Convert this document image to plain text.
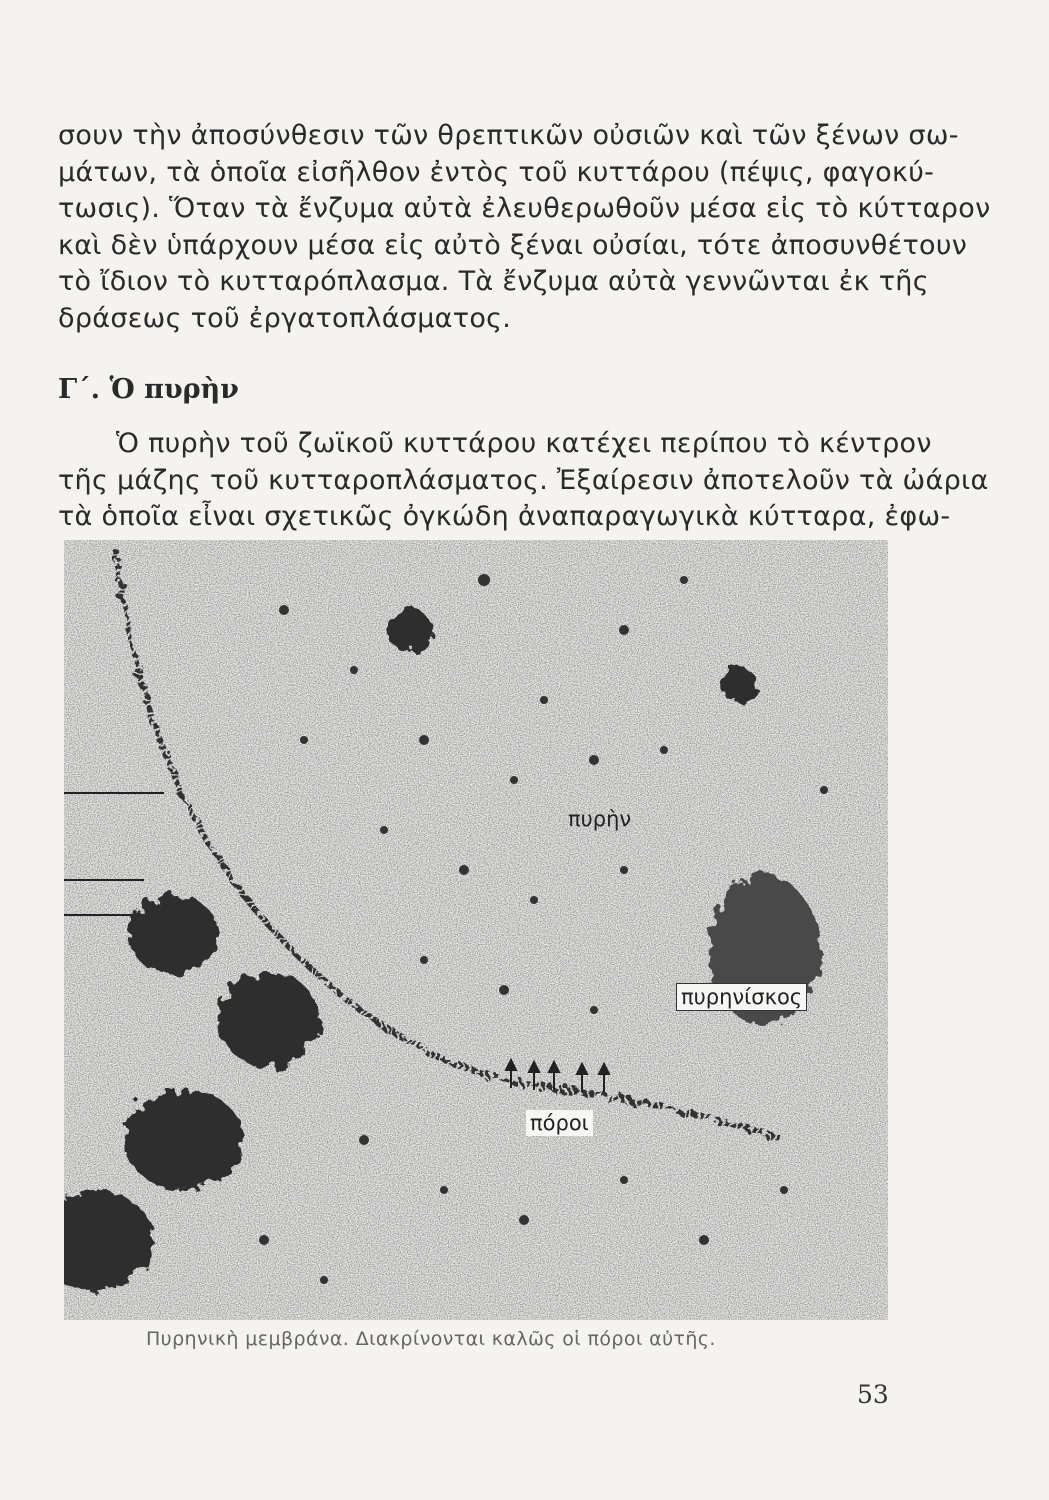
σουν τὴν ἀποσύνθεσιν τῶν θρεπτικῶν οὐσιῶν καὶ τῶν ξένων σω-
μάτων, τὰ ὁποῖα εἰσῆλθον ἐντὸς τοῦ κυττάρου (πέψις, φαγοκύ-
τωσις). Ὅταν τὰ ἔνζυμα αὐτὰ ἐλευθερωθοῦν μέσα εἰς τὸ κύτταρον
καὶ δὲν ὑπάρχουν μέσα εἰς αὐτὸ ξέναι οὐσίαι, τότε ἀποσυνθέτουν
τὸ ἴδιον τὸ κυτταρόπλασμα. Τὰ ἔνζυμα αὐτὰ γεννῶνται ἐκ τῆς
δράσεως τοῦ ἐργατοπλάσματος.

Γ΄. Ὁ πυρὴν

Ὁ πυρὴν τοῦ ζωϊκοῦ κυττάρου κατέχει περίπου τὸ κέντρον
τῆς μάζης τοῦ κυτταροπλάσματος. Ἐξαίρεσιν ἀποτελοῦν τὰ ὠάρια
τὰ ὁποῖα εἶναι σχετικῶς ὀγκώδη ἀναπαραγωγικὰ κύτταρα, ἐφω-

πυρὴν
πυρηνίσκος
πόροι
Πυρηνικὴ μεμβράνα. Διακρίνονται καλῶς οἱ πόροι αὐτῆς.
53
